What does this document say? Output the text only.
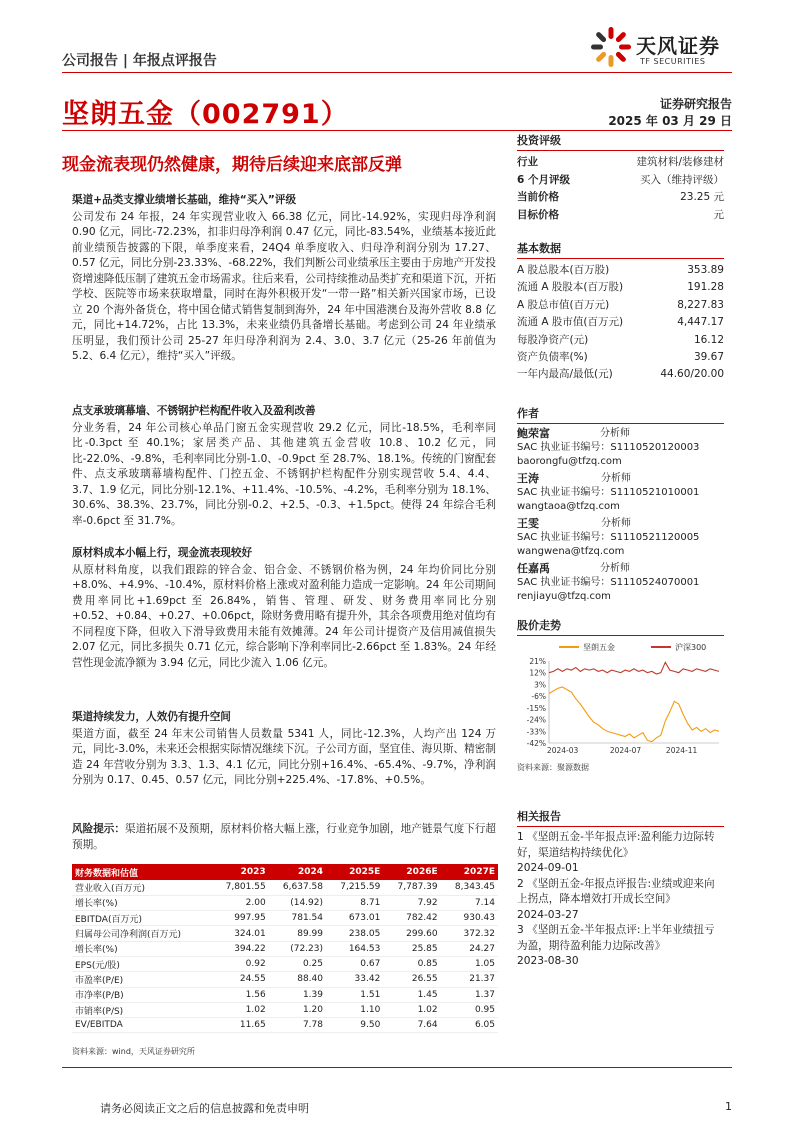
公司报告 | 年报点评报告
天风证券
TF SECURITIES
坚朗五金（002791）	证券研究报告
2025 年 03 月 29 日
现金流表现仍然健康，期待后续迎来底部反弹
渠道+品类支撑业绩增长基础，维持“买入”评级
公司发布 24 年报，24 年实现营业收入 66.38 亿元，同比-14.92%，实现归母净利润 0.90 亿元，同比-72.23%，扣非归母净利润 0.47 亿元，同比-83.54%，业绩基本接近此前业绩预告披露的下限，单季度来看，24Q4 单季度收入、归母净利润分别为 17.27、0.57 亿元，同比分别-23.33%、-68.22%，我们判断公司业绩承压主要由于房地产开发投资增速降低压制了建筑五金市场需求。往后来看，公司持续推动品类扩充和渠道下沉，开拓学校、医院等市场来获取增量，同时在海外积极开发“一带一路”相关新兴国家市场，已设立 20 个海外备货仓，将中国仓储式销售复制到海外，24 年中国港澳台及海外营收 8.8 亿元，同比+14.72%，占比 13.3%，未来业绩仍具备增长基础。考虑到公司 24 年业绩承压明显，我们预计公司 25-27 年归母净利润为 2.4、3.0、3.7 亿元（25-26 年前值为 5.2、6.4 亿元），维持“买入”评级。
点支承玻璃幕墙、不锈钢护栏构配件收入及盈利改善
分业务看，24 年公司核心单品门窗五金实现营收 29.2 亿元，同比-18.5%，毛利率同比-0.3pct 至 40.1%；家居类产品、其他建筑五金营收 10.8、10.2 亿元，同比-22.0%、-9.8%，毛利率同比分别-1.0、-0.9pct 至 28.7%、18.1%。传统的门窗配套件、点支承玻璃幕墙构配件、门控五金、不锈钢护栏构配件分别实现营收 5.4、4.4、3.7、1.9 亿元，同比分别-12.1%、+11.4%、-10.5%、-4.2%，毛利率分别为 18.1%、30.6%、38.3%、23.7%，同比分别-0.2、+2.5、-0.3、+1.5pct。使得 24 年综合毛利率-0.6pct 至 31.7%。
原材料成本小幅上行，现金流表现较好
从原材料角度，以我们跟踪的锌合金、铝合金、不锈钢价格为例，24 年均价同比分别+8.0%、+4.9%、-10.4%，原材料价格上涨或对盈利能力造成一定影响。24 年公司期间费用率同比+1.69pct 至 26.84%，销售、管理、研发、财务费用率同比分别+0.52、+0.84、+0.27、+0.06pct，除财务费用略有提升外，其余各项费用绝对值均有不同程度下降，但收入下滑导致费用未能有效摊薄。24 年公司计提资产及信用减值损失 2.07 亿元，同比多损失 0.71 亿元，综合影响下净利率同比-2.66pct 至 1.83%。24 年经营性现金流净额为 3.94 亿元，同比少流入 1.06 亿元。
渠道持续发力，人效仍有提升空间
渠道方面，截至 24 年末公司销售人员数量 5341 人，同比-12.3%，人均产出 124 万元，同比-3.0%，未来还会根据实际情况继续下沉。子公司方面，坚宜佳、海贝斯、精密制造 24 年营收分别为 3.3、1.3、4.1 亿元，同比分别+16.4%、-65.4%、-9.7%，净利润分别为 0.17、0.45、0.57 亿元，同比分别+225.4%、-17.8%、+0.5%。
风险提示：渠道拓展不及预期，原材料价格大幅上涨，行业竞争加剧，地产链景气度下行超预期。
财务数据和估值	2023	2024	2025E	2026E	2027E
营业收入(百万元)	7,801.55	6,637.58	7,215.59	7,787.39	8,343.45
增长率(%)	2.00	(14.92)	8.71	7.92	7.14
EBITDA(百万元)	997.95	781.54	673.01	782.42	930.43
归属母公司净利润(百万元)	324.01	89.99	238.05	299.60	372.32
增长率(%)	394.22	(72.23)	164.53	25.85	24.27
EPS(元/股)	0.92	0.25	0.67	0.85	1.05
市盈率(P/E)	24.55	88.40	33.42	26.55	21.37
市净率(P/B)	1.56	1.39	1.51	1.45	1.37
市销率(P/S)	1.02	1.20	1.10	1.02	0.95
EV/EBITDA	11.65	7.78	9.50	7.64	6.05
资料来源：wind，天风证券研究所
投资评级
行业	建筑材料/装修建材
6 个月评级	买入（维持评级）
当前价格	23.25 元
目标价格	元
基本数据
A 股总股本(百万股)	353.89
流通 A 股股本(百万股)	191.28
A 股总市值(百万元)	8,227.83
流通 A 股市值(百万元)	4,447.17
每股净资产(元)	16.12
资产负债率(%)	39.67
一年内最高/最低(元)	44.60/20.00
作者
鲍荣富	分析师
SAC 执业证书编号：S1110520120003
baorongfu@tfzq.com
王涛	分析师
SAC 执业证书编号：S1110521010001
wangtaoa@tfzq.com
王雯	分析师
SAC 执业证书编号：S1110521120005
wangwena@tfzq.com
任嘉禹	分析师
SAC 执业证书编号：S1110524070001
renjiayu@tfzq.com
股价走势
坚朗五金	沪深300
21%
12%
3%
-6%
-15%
-24%
-33%
-42%
2024-03	2024-07	2024-11
资料来源：聚源数据
相关报告
1 《坚朗五金-半年报点评:盈利能力边际转好，渠道结构持续优化》
2024-09-01
2 《坚朗五金-年报点评报告:业绩或迎来向上拐点，降本增效打开成长空间》
2024-03-27
3 《坚朗五金-半年报点评:上半年业绩扭亏为盈，期待盈利能力边际改善》
2023-08-30
请务必阅读正文之后的信息披露和免责申明	1
